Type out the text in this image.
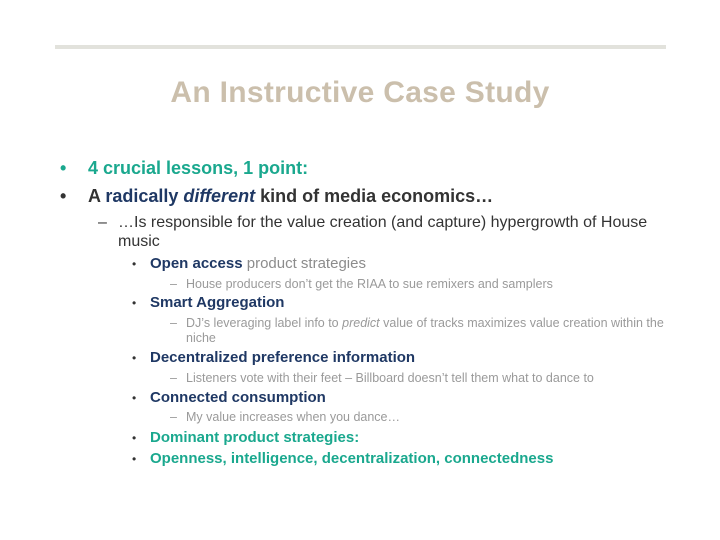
An Instructive Case Study
• 4 crucial lessons, 1 point:
• A radically different kind of media economics…
– …Is responsible for the value creation (and capture) hypergrowth of House music
• Open access product strategies
– House producers don’t get the RIAA to sue remixers and samplers
• Smart Aggregation
– DJ’s leveraging label info to predict value of tracks maximizes value creation within the niche
• Decentralized preference information
– Listeners vote with their feet – Billboard doesn’t tell them what to dance to
• Connected consumption
– My value increases when you dance…
• Dominant product strategies:
• Openness, intelligence, decentralization, connectedness
